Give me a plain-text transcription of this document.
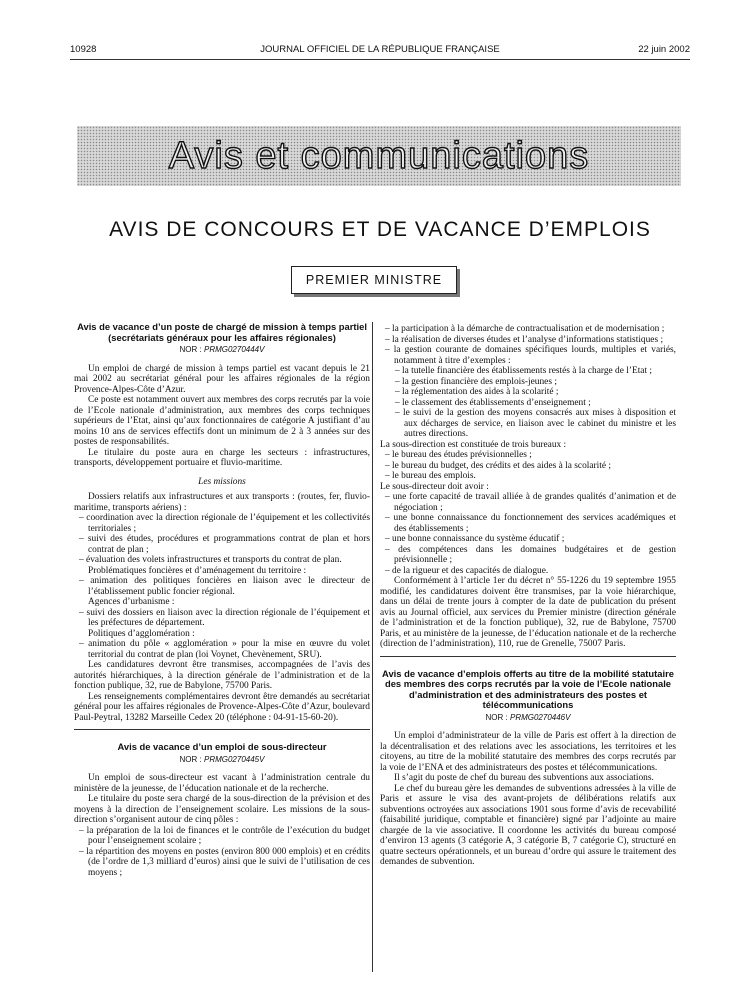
10928	JOURNAL OFFICIEL DE LA RÉPUBLIQUE FRANÇAISE	22 juin 2002
Avis et communications
AVIS DE CONCOURS ET DE VACANCE D’EMPLOIS
PREMIER MINISTRE
Avis de vacance d’un poste de chargé de mission à temps partiel (secrétariats généraux pour les affaires régionales)
NOR : PRMG0270444V

Un emploi de chargé de mission à temps partiel est vacant depuis le 21 mai 2002 au secrétariat général pour les affaires régionales de la région Provence-Alpes-Côte d’Azur.

Ce poste est notamment ouvert aux membres des corps recrutés par la voie de l’Ecole nationale d’administration, aux membres des corps techniques supérieurs de l’Etat, ainsi qu’aux fonctionnaires de catégorie A justifiant d’au moins 10 ans de services effectifs dont un minimum de 2 à 3 années sur des postes de responsabilités.

Le titulaire du poste aura en charge les secteurs : infrastructures, transports, développement portuaire et fluvio-maritime.

Les missions

Dossiers relatifs aux infrastructures et aux transports : (routes, fer, fluvio-maritime, transports aériens) :

– coordination avec la direction régionale de l’équipement et les collectivités territoriales ;

– suivi des études, procédures et programmations contrat de plan et hors contrat de plan ;

– évaluation des volets infrastructures et transports du contrat de plan.

Problématiques foncières et d’aménagement du territoire :

– animation des politiques foncières en liaison avec le directeur de l’établissement public foncier régional.

Agences d’urbanisme :

– suivi des dossiers en liaison avec la direction régionale de l’équipement et les préfectures de département.

Politiques d’agglomération :

– animation du pôle « agglomération » pour la mise en œuvre du volet territorial du contrat de plan (loi Voynet, Chevènement, SRU).

Les candidatures devront être transmises, accompagnées de l’avis des autorités hiérarchiques, à la direction générale de l’administration et de la fonction publique, 32, rue de Babylone, 75700 Paris.

Les renseignements complémentaires devront être demandés au secrétariat général pour les affaires régionales de Provence-Alpes-Côte d’Azur, boulevard Paul-Peytral, 13282 Marseille Cedex 20 (téléphone : 04-91-15-60-20).

Avis de vacance d’un emploi de sous-directeur
NOR : PRMG0270445V

Un emploi de sous-directeur est vacant à l’administration centrale du ministère de la jeunesse, de l’éducation nationale et de la recherche.

Le titulaire du poste sera chargé de la sous-direction de la prévision et des moyens à la direction de l’enseignement scolaire. Les missions de la sous-direction s’organisent autour de cinq pôles :

– la préparation de la loi de finances et le contrôle de l’exécution du budget pour l’enseignement scolaire ;

– la répartition des moyens en postes (environ 800 000 emplois) et en crédits (de l’ordre de 1,3 milliard d’euros) ainsi que le suivi de l’utilisation de ces moyens ;

– la participation à la démarche de contractualisation et de modernisation ;

– la réalisation de diverses études et l’analyse d’informations statistiques ;

– la gestion courante de domaines spécifiques lourds, multiples et variés, notamment à titre d’exemples :

– la tutelle financière des établissements restés à la charge de l’Etat ;

– la gestion financière des emplois-jeunes ;

– la réglementation des aides à la scolarité ;

– le classement des établissements d’enseignement ;

– le suivi de la gestion des moyens consacrés aux mises à disposition et aux décharges de service, en liaison avec le cabinet du ministre et les autres directions.

La sous-direction est constituée de trois bureaux :

– le bureau des études prévisionnelles ;

– le bureau du budget, des crédits et des aides à la scolarité ;

– le bureau des emplois.

Le sous-directeur doit avoir :

– une forte capacité de travail alliée à de grandes qualités d’animation et de négociation ;

– une bonne connaissance du fonctionnement des services académiques et des établissements ;

– une bonne connaissance du système éducatif ;

– des compétences dans les domaines budgétaires et de gestion prévisionnelle ;

– de la rigueur et des capacités de dialogue.

Conformément à l’article 1er du décret n° 55-1226 du 19 septembre 1955 modifié, les candidatures doivent être transmises, par la voie hiérarchique, dans un délai de trente jours à compter de la date de publication du présent avis au Journal officiel, aux services du Premier ministre (direction générale de l’administration et de la fonction publique), 32, rue de Babylone, 75700 Paris, et au ministère de la jeunesse, de l’éducation nationale et de la recherche (direction de l’administration), 110, rue de Grenelle, 75007 Paris.

Avis de vacance d’emplois offerts au titre de la mobilité statutaire des membres des corps recrutés par la voie de l’Ecole nationale d’administration et des administrateurs des postes et télécommunications
NOR : PRMG0270446V

Un emploi d’administrateur de la ville de Paris est offert à la direction de la décentralisation et des relations avec les associations, les territoires et les citoyens, au titre de la mobilité statutaire des membres des corps recrutés par la voie de l’ENA et des administrateurs des postes et télécommunications.

Il s’agit du poste de chef du bureau des subventions aux associations.

Le chef du bureau gère les demandes de subventions adressées à la ville de Paris et assure le visa des avant-projets de délibérations relatifs aux subventions octroyées aux associations 1901 sous forme d’avis de recevabilité (faisabilité juridique, comptable et financière) signé par l’adjointe au maire chargée de la vie associative. Il coordonne les activités du bureau composé d’environ 13 agents (3 catégorie A, 3 catégorie B, 7 catégorie C), structuré en quatre secteurs opérationnels, et un bureau d’ordre qui assure le traitement des demandes de subvention.
